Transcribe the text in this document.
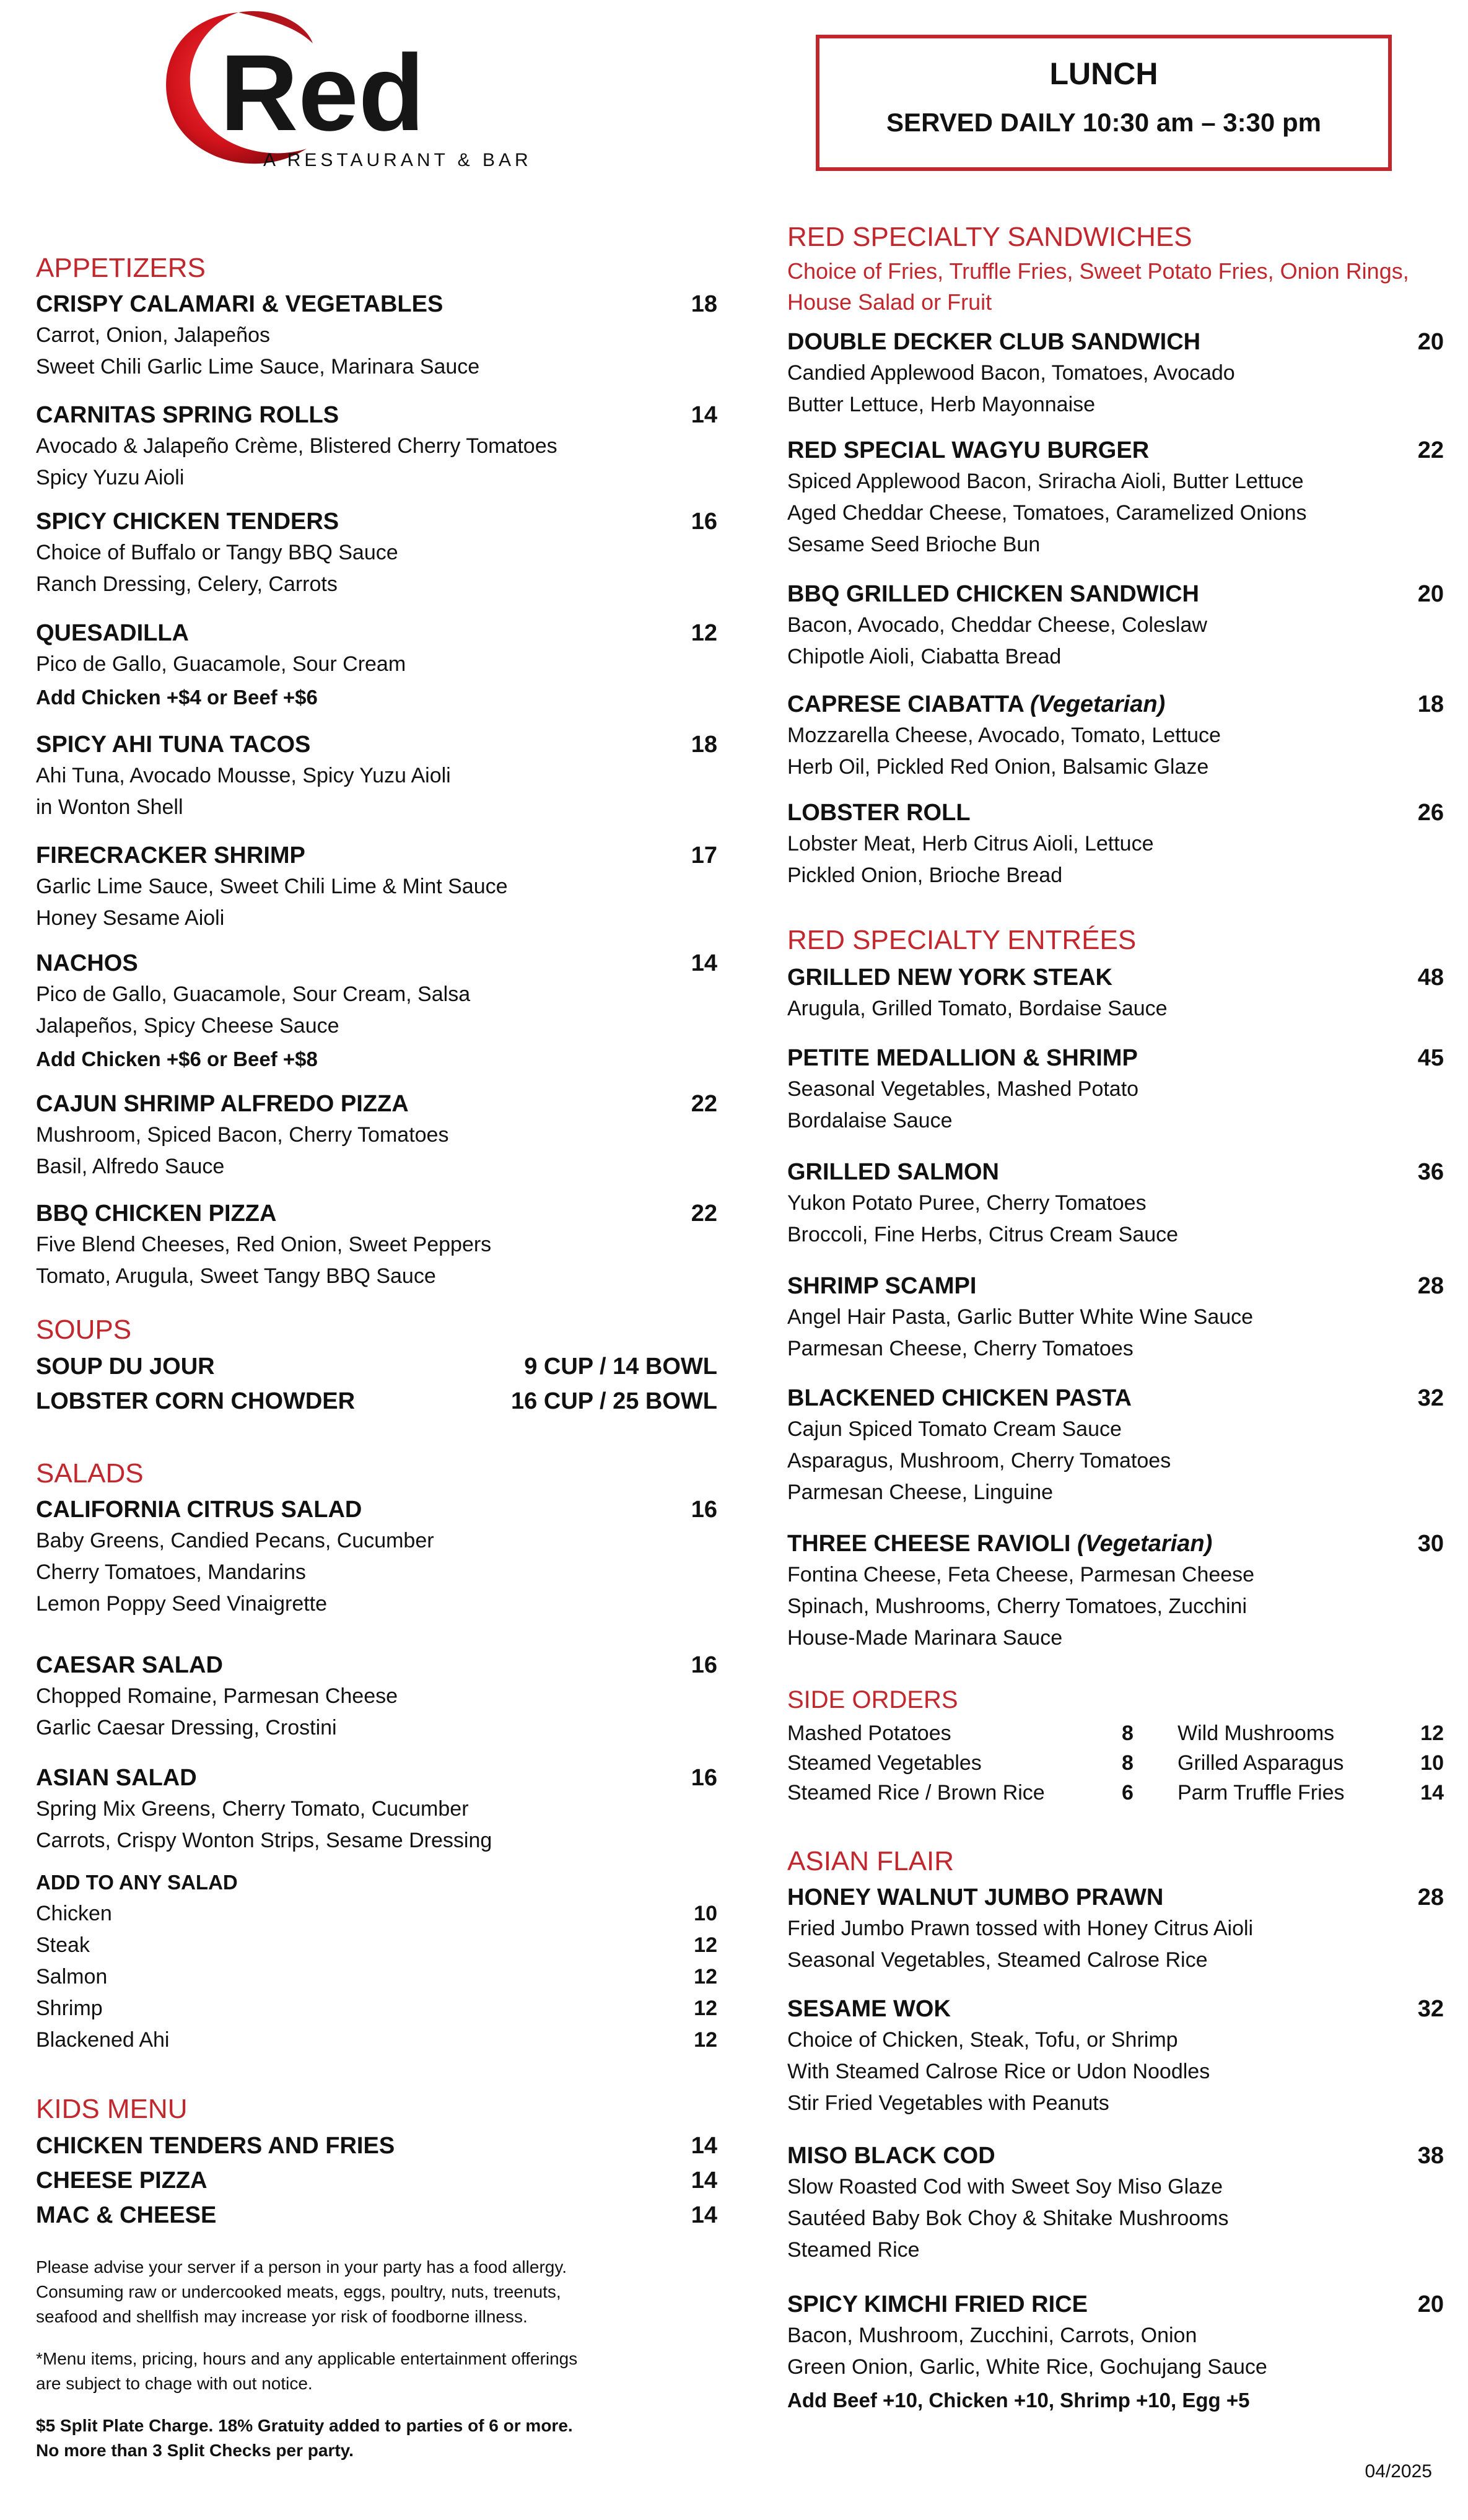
Red
A RESTAURANT & BAR
LUNCH
SERVED DAILY 10:30 am – 3:30 pm
APPETIZERS
CRISPY CALAMARI & VEGETABLES	18
Carrot, Onion, Jalapeños
Sweet Chili Garlic Lime Sauce, Marinara Sauce
CARNITAS SPRING ROLLS	14
Avocado & Jalapeño Crème, Blistered Cherry Tomatoes
Spicy Yuzu Aioli
SPICY CHICKEN TENDERS	16
Choice of Buffalo or Tangy BBQ Sauce
Ranch Dressing, Celery, Carrots
QUESADILLA	12
Pico de Gallo, Guacamole, Sour Cream
Add Chicken +$4 or Beef +$6
SPICY AHI TUNA TACOS	18
Ahi Tuna, Avocado Mousse, Spicy Yuzu Aioli
in Wonton Shell
FIRECRACKER SHRIMP	17
Garlic Lime Sauce, Sweet Chili Lime & Mint Sauce
Honey Sesame Aioli
NACHOS	14
Pico de Gallo, Guacamole, Sour Cream, Salsa
Jalapeños, Spicy Cheese Sauce
Add Chicken +$6 or Beef +$8
CAJUN SHRIMP ALFREDO PIZZA	22
Mushroom, Spiced Bacon, Cherry Tomatoes
Basil, Alfredo Sauce
BBQ CHICKEN PIZZA	22
Five Blend Cheeses, Red Onion, Sweet Peppers
Tomato, Arugula, Sweet Tangy BBQ Sauce
SOUPS
SOUP DU JOUR	9 CUP / 14 BOWL
LOBSTER CORN CHOWDER	16 CUP / 25 BOWL
SALADS
CALIFORNIA CITRUS SALAD	16
Baby Greens, Candied Pecans, Cucumber
Cherry Tomatoes, Mandarins
Lemon Poppy Seed Vinaigrette
CAESAR SALAD	16
Chopped Romaine, Parmesan Cheese
Garlic Caesar Dressing, Crostini
ASIAN SALAD	16
Spring Mix Greens, Cherry Tomato, Cucumber
Carrots, Crispy Wonton Strips, Sesame Dressing
ADD TO ANY SALAD
Chicken	10
Steak	12
Salmon	12
Shrimp	12
Blackened Ahi	12
KIDS MENU
CHICKEN TENDERS AND FRIES	14
CHEESE PIZZA	14
MAC & CHEESE	14
Please advise your server if a person in your party has a food allergy.
Consuming raw or undercooked meats, eggs, poultry, nuts, treenuts,
seafood and shellfish may increase yor risk of foodborne illness.
*Menu items, pricing, hours and any applicable entertainment offerings
are subject to chage with out notice.
$5 Split Plate Charge. 18% Gratuity added to parties of 6 or more.
No more than 3 Split Checks per party.
RED SPECIALTY SANDWICHES
Choice of Fries, Truffle Fries, Sweet Potato Fries, Onion Rings, House Salad or Fruit
DOUBLE DECKER CLUB SANDWICH	20
Candied Applewood Bacon, Tomatoes, Avocado
Butter Lettuce, Herb Mayonnaise
RED SPECIAL WAGYU BURGER	22
Spiced Applewood Bacon, Sriracha Aioli, Butter Lettuce
Aged Cheddar Cheese, Tomatoes, Caramelized Onions
Sesame Seed Brioche Bun
BBQ GRILLED CHICKEN SANDWICH	20
Bacon, Avocado, Cheddar Cheese, Coleslaw
Chipotle Aioli, Ciabatta Bread
CAPRESE CIABATTA (Vegetarian)	18
Mozzarella Cheese, Avocado, Tomato, Lettuce
Herb Oil, Pickled Red Onion, Balsamic Glaze
LOBSTER ROLL	26
Lobster Meat, Herb Citrus Aioli, Lettuce
Pickled Onion, Brioche Bread
RED SPECIALTY ENTRÉES
GRILLED NEW YORK STEAK	48
Arugula, Grilled Tomato, Bordaise Sauce
PETITE MEDALLION & SHRIMP	45
Seasonal Vegetables, Mashed Potato
Bordalaise Sauce
GRILLED SALMON	36
Yukon Potato Puree, Cherry Tomatoes
Broccoli, Fine Herbs, Citrus Cream Sauce
SHRIMP SCAMPI	28
Angel Hair Pasta, Garlic Butter White Wine Sauce
Parmesan Cheese, Cherry Tomatoes
BLACKENED CHICKEN PASTA	32
Cajun Spiced Tomato Cream Sauce
Asparagus, Mushroom, Cherry Tomatoes
Parmesan Cheese, Linguine
THREE CHEESE RAVIOLI (Vegetarian)	30
Fontina Cheese, Feta Cheese, Parmesan Cheese
Spinach, Mushrooms, Cherry Tomatoes, Zucchini
House-Made Marinara Sauce
SIDE ORDERS
Mashed Potatoes	8 Wild Mushrooms	12
Steamed Vegetables	8 Grilled Asparagus	10
Steamed Rice / Brown Rice	6 Parm Truffle Fries	14
ASIAN FLAIR
HONEY WALNUT JUMBO PRAWN	28
Fried Jumbo Prawn tossed with Honey Citrus Aioli
Seasonal Vegetables, Steamed Calrose Rice
SESAME WOK	32
Choice of Chicken, Steak, Tofu, or Shrimp
With Steamed Calrose Rice or Udon Noodles
Stir Fried Vegetables with Peanuts
MISO BLACK COD	38
Slow Roasted Cod with Sweet Soy Miso Glaze
Sautéed Baby Bok Choy & Shitake Mushrooms
Steamed Rice
SPICY KIMCHI FRIED RICE	20
Bacon, Mushroom, Zucchini, Carrots, Onion
Green Onion, Garlic, White Rice, Gochujang Sauce
Add Beef +10, Chicken +10, Shrimp +10, Egg +5
04/2025
